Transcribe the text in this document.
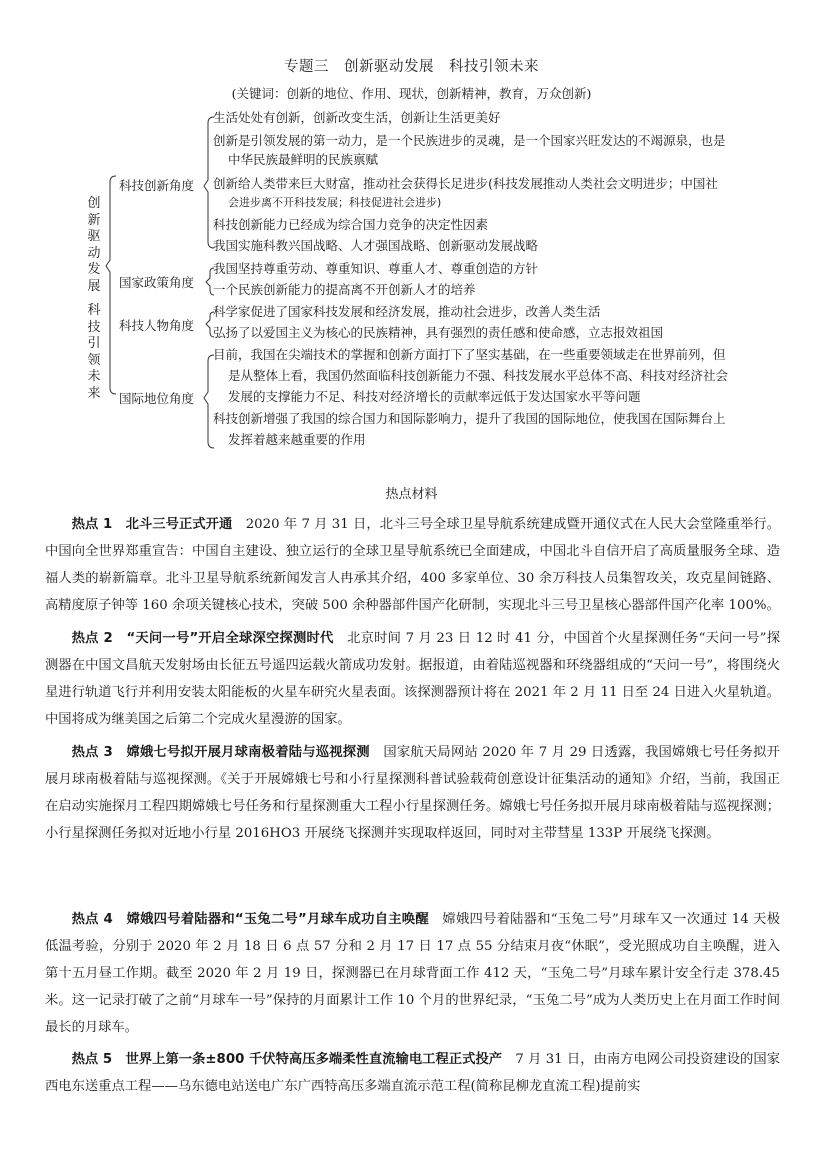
专题三　创新驱动发展　科技引领未来
(关键词：创新的地位、作用、现状，创新精神，教育，万众创新)
创新驱动发展
科技引领未来
科技创新角度
国家政策角度
科技人物角度
国际地位角度
生活处处有创新，创新改变生活，创新让生活更美好
创新是引领发展的第一动力，是一个民族进步的灵魂，是一个国家兴旺发达的不竭源泉，也是
中华民族最鲜明的民族禀赋
创新给人类带来巨大财富，推动社会获得长足进步(科技发展推动人类社会文明进步；中国社
会进步离不开科技发展；科技促进社会进步)
科技创新能力已经成为综合国力竞争的决定性因素
我国实施科教兴国战略、人才强国战略、创新驱动发展战略
我国坚持尊重劳动、尊重知识、尊重人才、尊重创造的方针
一个民族创新能力的提高离不开创新人才的培养
科学家促进了国家科技发展和经济发展，推动社会进步，改善人类生活
弘扬了以爱国主义为核心的民族精神，具有强烈的责任感和使命感，立志报效祖国
目前，我国在尖端技术的掌握和创新方面打下了坚实基础，在一些重要领域走在世界前列，但
是从整体上看，我国仍然面临科技创新能力不强、科技发展水平总体不高、科技对经济社会
发展的支撑能力不足、科技对经济增长的贡献率远低于发达国家水平等问题
科技创新增强了我国的综合国力和国际影响力，提升了我国的国际地位，使我国在国际舞台上
发挥着越来越重要的作用
热点材料
热点 1　北斗三号正式开通　2020 年 7 月 31 日，北斗三号全球卫星导航系统建成暨开通仪式在人民大会堂隆重举行。中国向全世界郑重宣告：中国自主建设、独立运行的全球卫星导航系统已全面建成，中国北斗自信开启了高质量服务全球、造福人类的崭新篇章。北斗卫星导航系统新闻发言人冉承其介绍，400 多家单位、30 余万科技人员集智攻关，攻克星间链路、高精度原子钟等 160 余项关键核心技术，突破 500 余种器部件国产化研制，实现北斗三号卫星核心器部件国产化率 100%。
热点 2　“天问一号”开启全球深空探测时代　北京时间 7 月 23 日 12 时 41 分，中国首个火星探测任务“天问一号”探测器在中国文昌航天发射场由长征五号遥四运载火箭成功发射。据报道，由着陆巡视器和环绕器组成的“天问一号”，将围绕火星进行轨道飞行并利用安装太阳能板的火星车研究火星表面。该探测器预计将在 2021 年 2 月 11 日至 24 日进入火星轨道。中国将成为继美国之后第二个完成火星漫游的国家。
热点 3　嫦娥七号拟开展月球南极着陆与巡视探测　国家航天局网站 2020 年 7 月 29 日透露，我国嫦娥七号任务拟开展月球南极着陆与巡视探测。《关于开展嫦娥七号和小行星探测科普试验载荷创意设计征集活动的通知》介绍，当前，我国正在启动实施探月工程四期嫦娥七号任务和行星探测重大工程小行星探测任务。嫦娥七号任务拟开展月球南极着陆与巡视探测；小行星探测任务拟对近地小行星 2016HO3 开展绕飞探测并实现取样返回，同时对主带彗星 133P 开展绕飞探测。
热点 4　嫦娥四号着陆器和“玉兔二号”月球车成功自主唤醒　嫦娥四号着陆器和“玉兔二号”月球车又一次通过 14 天极低温考验，分别于 2020 年 2 月 18 日 6 点 57 分和 2 月 17 日 17 点 55 分结束月夜“休眠”，受光照成功自主唤醒，进入第十五月昼工作期。截至 2020 年 2 月 19 日，探测器已在月球背面工作 412 天，“玉兔二号”月球车累计安全行走 378.45 米。这一记录打破了之前“月球车一号”保持的月面累计工作 10 个月的世界纪录，“玉兔二号”成为人类历史上在月面工作时间最长的月球车。
热点 5　世界上第一条±800 千伏特高压多端柔性直流输电工程正式投产　7 月 31 日，由南方电网公司投资建设的国家西电东送重点工程——乌东德电站送电广东广西特高压多端直流示范工程(简称昆柳龙直流工程)提前实
